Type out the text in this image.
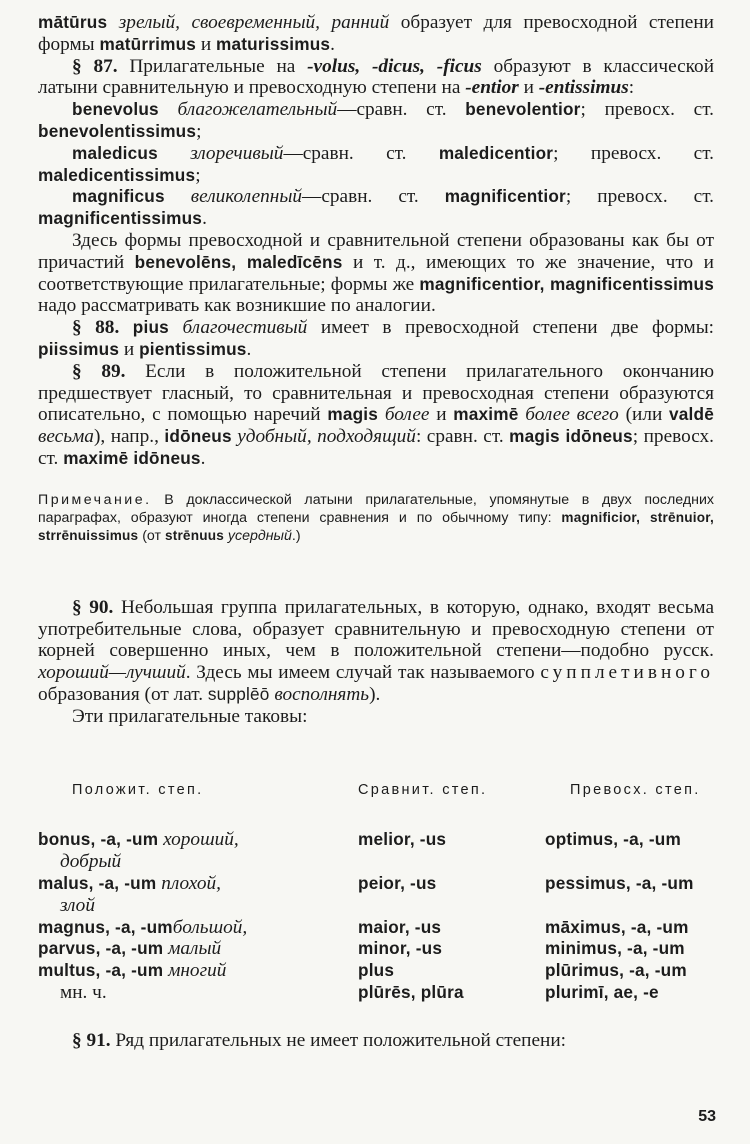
mātūrus зрелый, своевременный, ранний образует для превосходной степени формы matūrrimus и maturissimus.

§ 87. Прилагательные на -volus, -dicus, -ficus образуют в классической латыни сравнительную и превосходную степени на -entior и -entissimus:

benevolus благожелательный—сравн. ст. benevolentior; превосх. ст. benevolentissimus;

maledicus злоречивый—сравн. ст. maledicentior; превосх. ст. maledicentissimus;

magnificus великолепный—сравн. ст. magnificentior; превосх. ст. magnificentissimus.

Здесь формы превосходной и сравнительной степени образованы как бы от причастий benevolēns, maledīcēns и т. д., имеющих то же значение, что и соответствующие прилагательные; формы же magnificentior, magnificentissimus надо рассматривать как возникшие по аналогии.

§ 88. pius благочестивый имеет в превосходной степени две формы: piissimus и pientissimus.

§ 89. Если в положительной степени прилагательного окончанию предшествует гласный, то сравнительная и превосходная степени образуются описательно, с помощью наречий magis более и maximē более всего (или valdē весьма), напр., idōneus удобный, подходящий: сравн. ст. magis idōneus; превосх. ст. maximē idōneus.

Примечание. В доклассической латыни прилагательные, упомянутые в двух последних параграфах, образуют иногда степени сравнения и по обычному типу: magnificior, strēnuior, strrēnuissimus (от strēnuus усердный.)

§ 90. Небольшая группа прилагательных, в которую, однако, входят весьма употребительные слова, образует сравнительную и превосходную степени от корней совершенно иных, чем в положительной степени—подобно русск. хороший—лучший. Здесь мы имеем случай так называемого супплетивного образования (от лат. supplēō восполнять).

Эти прилагательные таковы:

Положит. степ.	Сравнит. степ.	Превосх. степ.
bonus, -a, -um хороший,	melior, -us	optimus, -a, -um
добрый
malus, -a, -um плохой,	peior, -us	pessimus, -a, -um
злой
magnus, -a, -umбольшой,	maior, -us	māximus, -a, -um
parvus, -a, -um малый	minor, -us	minimus, -a, -um
multus, -a, -um многий	plus	plūrimus, -a, -um
мн. ч.	plūrēs, plūra	plurimī, ae, -e

§ 91. Ряд прилагательных не имеет положительной степени:

53
